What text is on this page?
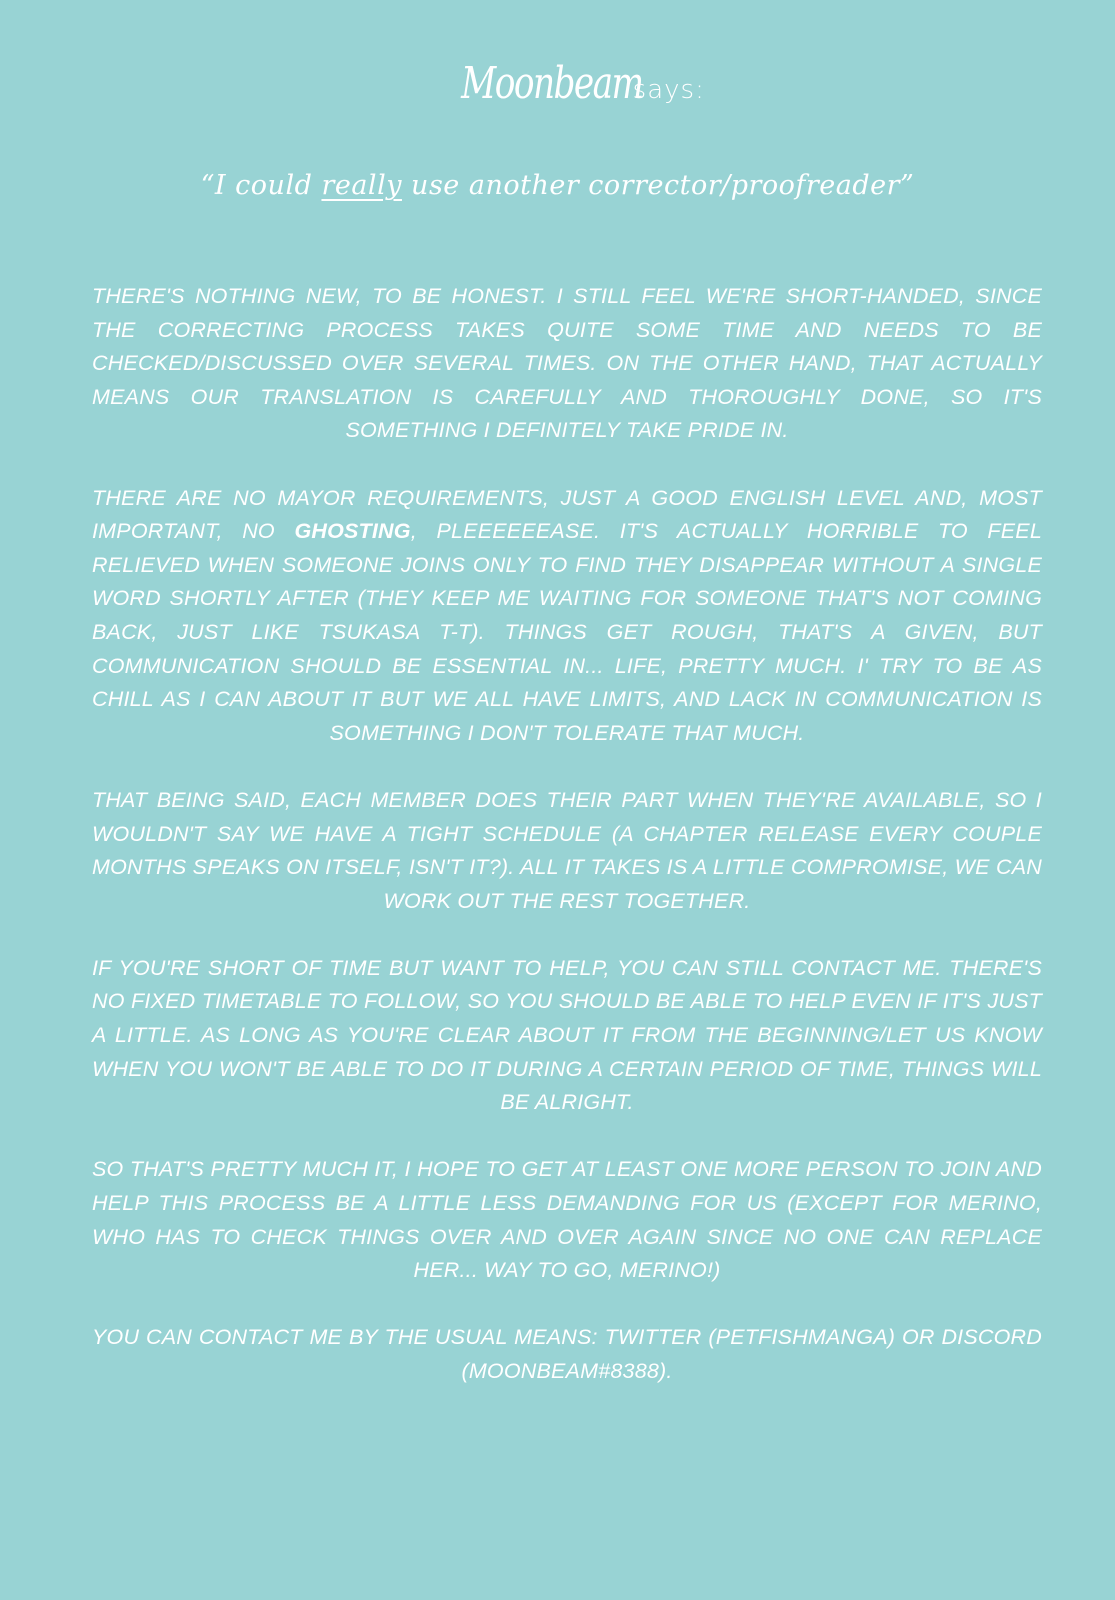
Moonbeam says:
“I could really use another corrector/proofreader”

THERE'S NOTHING NEW, TO BE HONEST. I STILL FEEL WE'RE SHORT-HANDED, SINCE THE CORRECTING PROCESS TAKES QUITE SOME TIME AND NEEDS TO BE CHECKED/DISCUSSED OVER SEVERAL TIMES. ON THE OTHER HAND, THAT ACTUALLY MEANS OUR TRANSLATION IS CAREFULLY AND THOROUGHLY DONE, SO IT'S SOMETHING I DEFINITELY TAKE PRIDE IN.

THERE ARE NO MAYOR REQUIREMENTS, JUST A GOOD ENGLISH LEVEL AND, MOST IMPORTANT, NO GHOSTING, PLEEEEEEASE. IT'S ACTUALLY HORRIBLE TO FEEL RELIEVED WHEN SOMEONE JOINS ONLY TO FIND THEY DISAPPEAR WITHOUT A SINGLE WORD SHORTLY AFTER (THEY KEEP ME WAITING FOR SOMEONE THAT'S NOT COMING BACK, JUST LIKE TSUKASA T-T). THINGS GET ROUGH, THAT'S A GIVEN, BUT COMMUNICATION SHOULD BE ESSENTIAL IN... LIFE, PRETTY MUCH. I' TRY TO BE AS CHILL AS I CAN ABOUT IT BUT WE ALL HAVE LIMITS, AND LACK IN COMMUNICATION IS SOMETHING I DON'T TOLERATE THAT MUCH.

THAT BEING SAID, EACH MEMBER DOES THEIR PART WHEN THEY'RE AVAILABLE, SO I WOULDN'T SAY WE HAVE A TIGHT SCHEDULE (A CHAPTER RELEASE EVERY COUPLE MONTHS SPEAKS ON ITSELF, ISN'T IT?). ALL IT TAKES IS A LITTLE COMPROMISE, WE CAN WORK OUT THE REST TOGETHER.

IF YOU'RE SHORT OF TIME BUT WANT TO HELP, YOU CAN STILL CONTACT ME. THERE'S NO FIXED TIMETABLE TO FOLLOW, SO YOU SHOULD BE ABLE TO HELP EVEN IF IT'S JUST A LITTLE. AS LONG AS YOU'RE CLEAR ABOUT IT FROM THE BEGINNING/LET US KNOW WHEN YOU WON'T BE ABLE TO DO IT DURING A CERTAIN PERIOD OF TIME, THINGS WILL BE ALRIGHT.

SO THAT'S PRETTY MUCH IT, I HOPE TO GET AT LEAST ONE MORE PERSON TO JOIN AND HELP THIS PROCESS BE A LITTLE LESS DEMANDING FOR US (EXCEPT FOR MERINO, WHO HAS TO CHECK THINGS OVER AND OVER AGAIN SINCE NO ONE CAN REPLACE HER... WAY TO GO, MERINO!)

YOU CAN CONTACT ME BY THE USUAL MEANS: TWITTER (PETFISHMANGA) OR DISCORD (MOONBEAM#8388).
